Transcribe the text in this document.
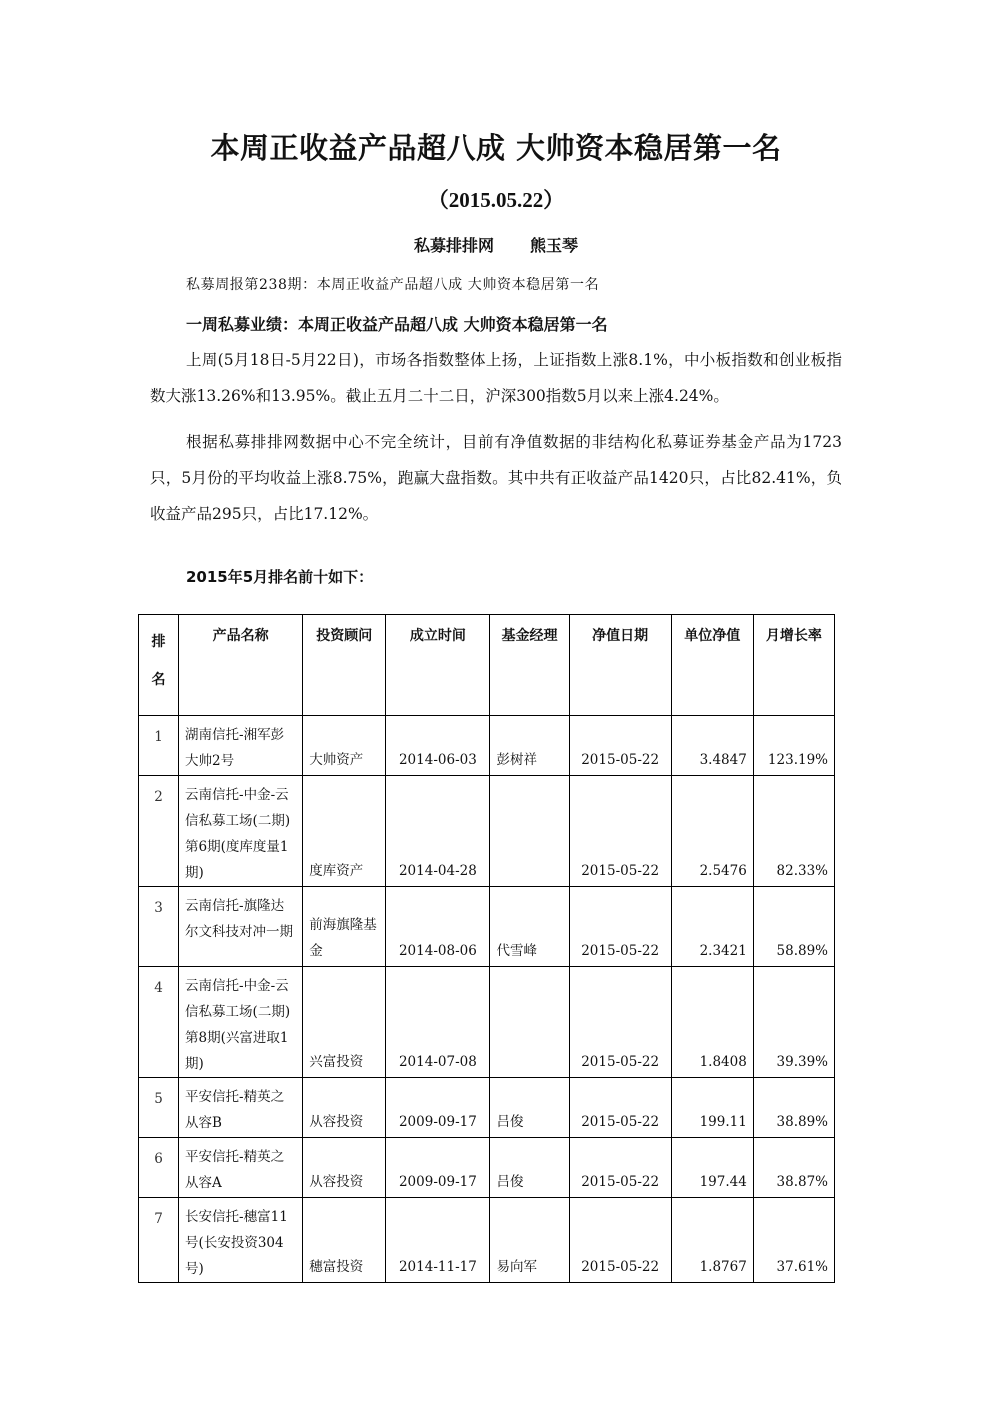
本周正收益产品超八成 大帅资本稳居第一名
（2015.05.22）
私募排排网 熊玉琴
私募周报第238期：本周正收益产品超八成 大帅资本稳居第一名
一周私募业绩：本周正收益产品超八成 大帅资本稳居第一名
上周(5月18日-5月22日)，市场各指数整体上扬，上证指数上涨8.1%，中小板指数和创业板指数大涨13.26%和13.95%。截止五月二十二日，沪深300指数5月以来上涨4.24%。
根据私募排排网数据中心不完全统计，目前有净值数据的非结构化私募证券基金产品为1723只，5月份的平均收益上涨8.75%，跑赢大盘指数。其中共有正收益产品1420只，占比82.41%，负收益产品295只，占比17.12%。
2015年5月排名前十如下：
排
名	产品名称	投资顾问	成立时间	基金经理	净值日期	单位净值	月增长率
1	湖南信托-湘军彭大帅2号	大帅资产	2014-06-03	彭树祥	2015-05-22	3.4847	123.19%
2	云南信托-中金-云信私募工场(二期)第6期(度库度量1期)	度库资产	2014-04-28		2015-05-22	2.5476	82.33%
3	云南信托-旗隆达尔文科技对冲一期	前海旗隆基金	2014-08-06	代雪峰	2015-05-22	2.3421	58.89%
4	云南信托-中金-云信私募工场(二期)第8期(兴富进取1期)	兴富投资	2014-07-08		2015-05-22	1.8408	39.39%
5	平安信托-精英之从容B	从容投资	2009-09-17	吕俊	2015-05-22	199.11	38.89%
6	平安信托-精英之从容A	从容投资	2009-09-17	吕俊	2015-05-22	197.44	38.87%
7	长安信托-穗富11号(长安投资304号)	穗富投资	2014-11-17	易向军	2015-05-22	1.8767	37.61%
